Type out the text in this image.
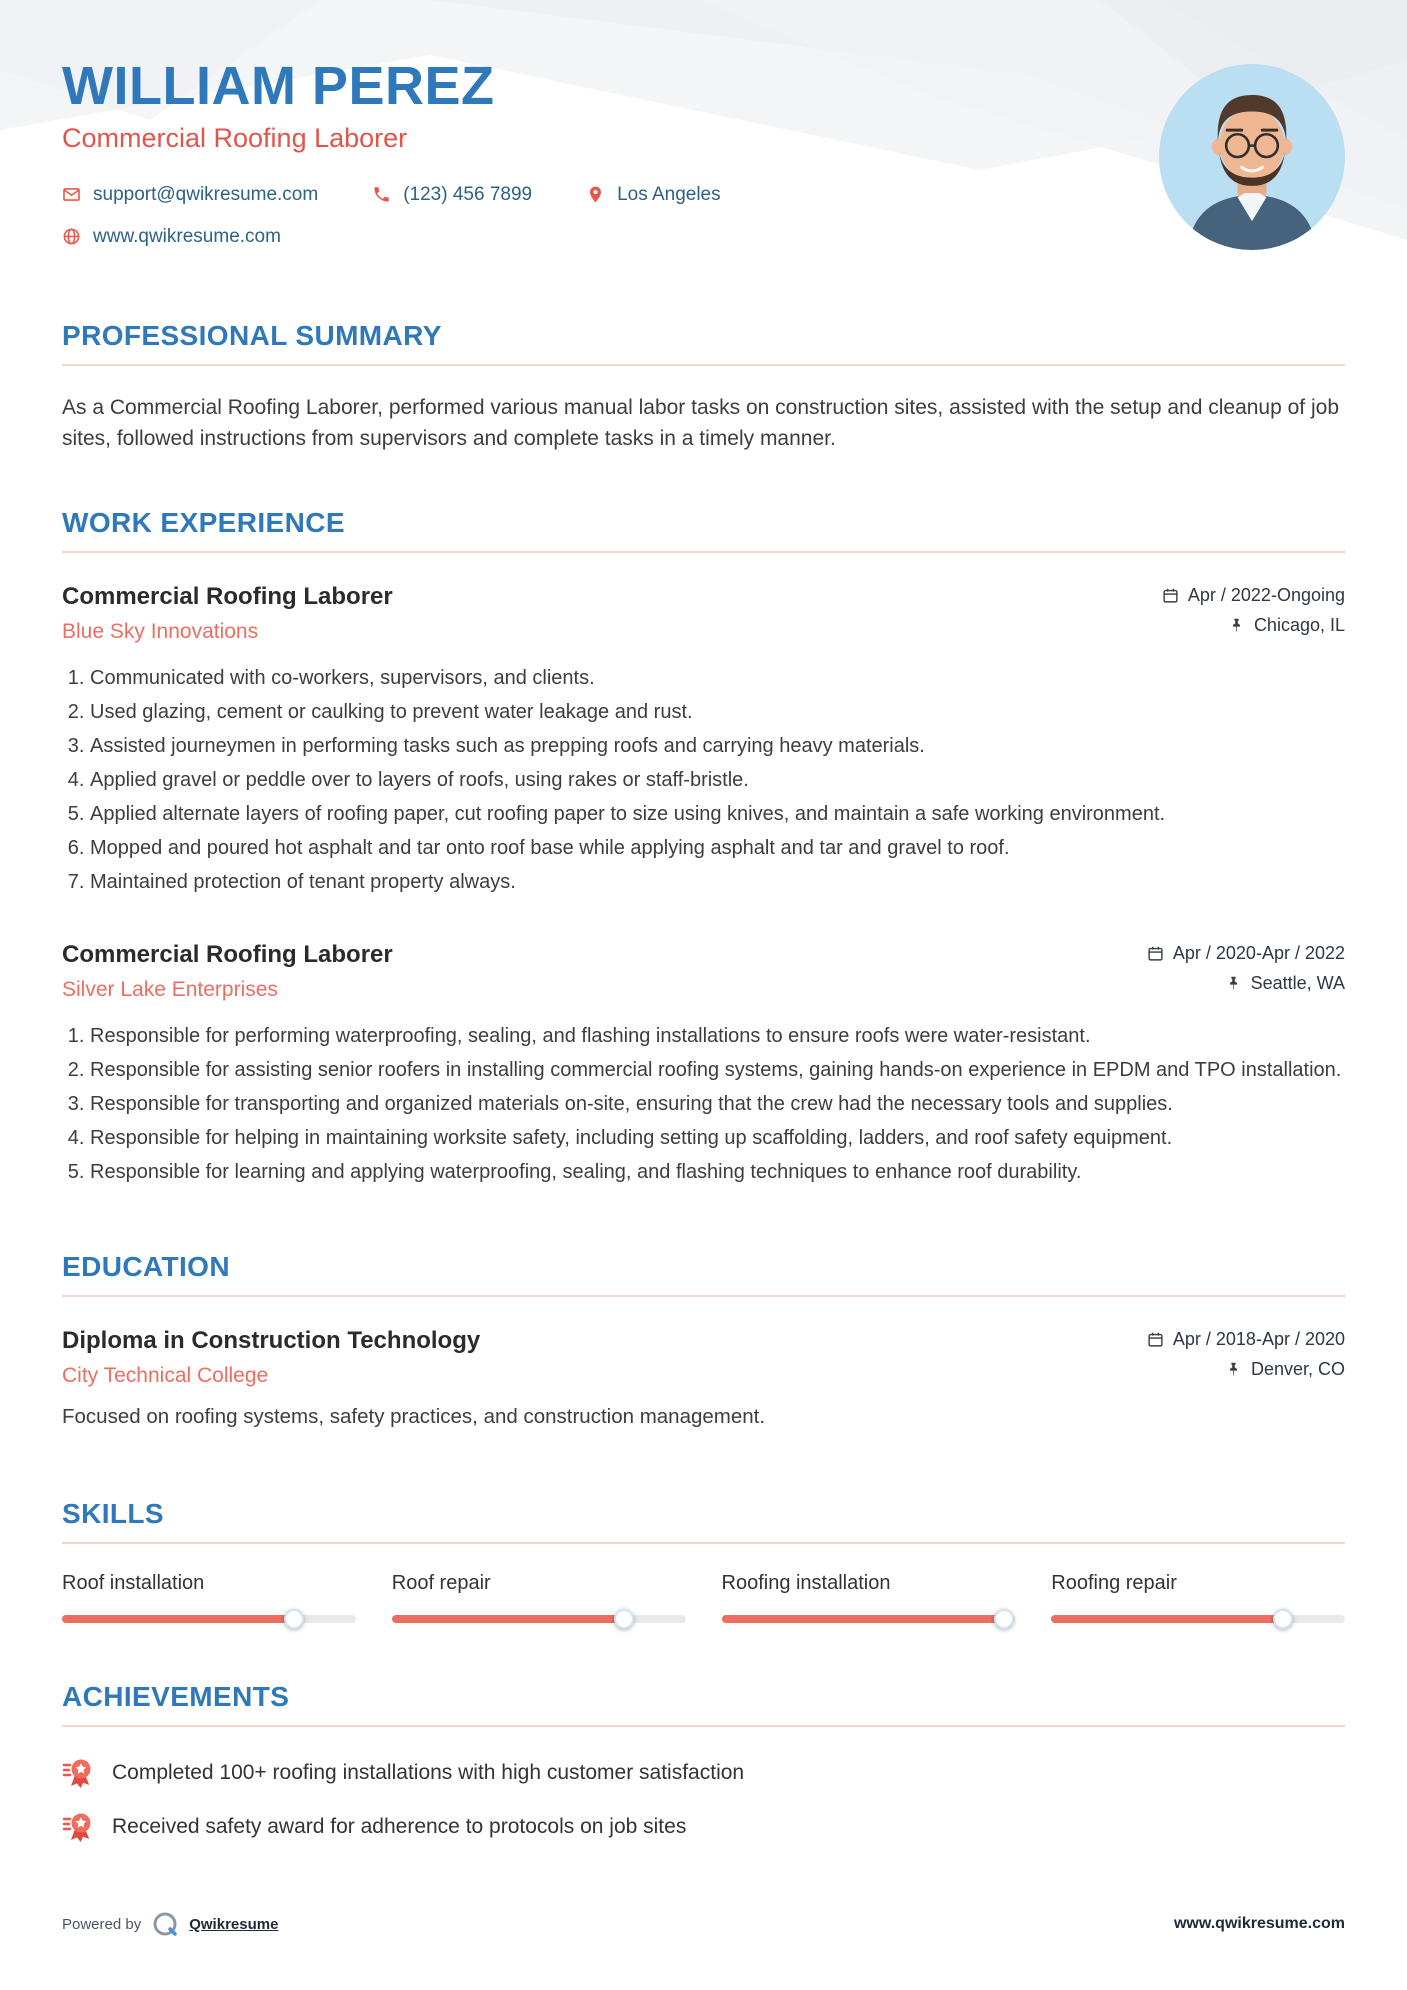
WILLIAM PEREZ
Commercial Roofing Laborer
support@qwikresume.com	(123) 456 7899	Los Angeles
www.qwikresume.com
PROFESSIONAL SUMMARY

As a Commercial Roofing Laborer, performed various manual labor tasks on construction sites, assisted with the setup and cleanup of job sites, followed instructions from supervisors and complete tasks in a timely manner.

WORK EXPERIENCE
Commercial Roofing Laborer
Blue Sky Innovations
Apr / 2022-Ongoing
Chicago, IL
1. Communicated with co-workers, supervisors, and clients.
2. Used glazing, cement or caulking to prevent water leakage and rust.
3. Assisted journeymen in performing tasks such as prepping roofs and carrying heavy materials.
4. Applied gravel or peddle over to layers of roofs, using rakes or staff-bristle.
5. Applied alternate layers of roofing paper, cut roofing paper to size using knives, and maintain a safe working environment.
6. Mopped and poured hot asphalt and tar onto roof base while applying asphalt and tar and gravel to roof.
7. Maintained protection of tenant property always.
Commercial Roofing Laborer
Silver Lake Enterprises
Apr / 2020-Apr / 2022
Seattle, WA
1. Responsible for performing waterproofing, sealing, and flashing installations to ensure roofs were water-resistant.
2. Responsible for assisting senior roofers in installing commercial roofing systems, gaining hands-on experience in EPDM and TPO installation.
3. Responsible for transporting and organized materials on-site, ensuring that the crew had the necessary tools and supplies.
4. Responsible for helping in maintaining worksite safety, including setting up scaffolding, ladders, and roof safety equipment.
5. Responsible for learning and applying waterproofing, sealing, and flashing techniques to enhance roof durability.
EDUCATION
Diploma in Construction Technology
City Technical College
Apr / 2018-Apr / 2020
Denver, CO

Focused on roofing systems, safety practices, and construction management.

SKILLS
Roof installation	Roof repair	Roofing installation	Roofing repair
ACHIEVEMENTS
Completed 100+ roofing installations with high customer satisfaction
Received safety award for adherence to protocols on job sites
Powered by	Qwikresume	www.qwikresume.com
